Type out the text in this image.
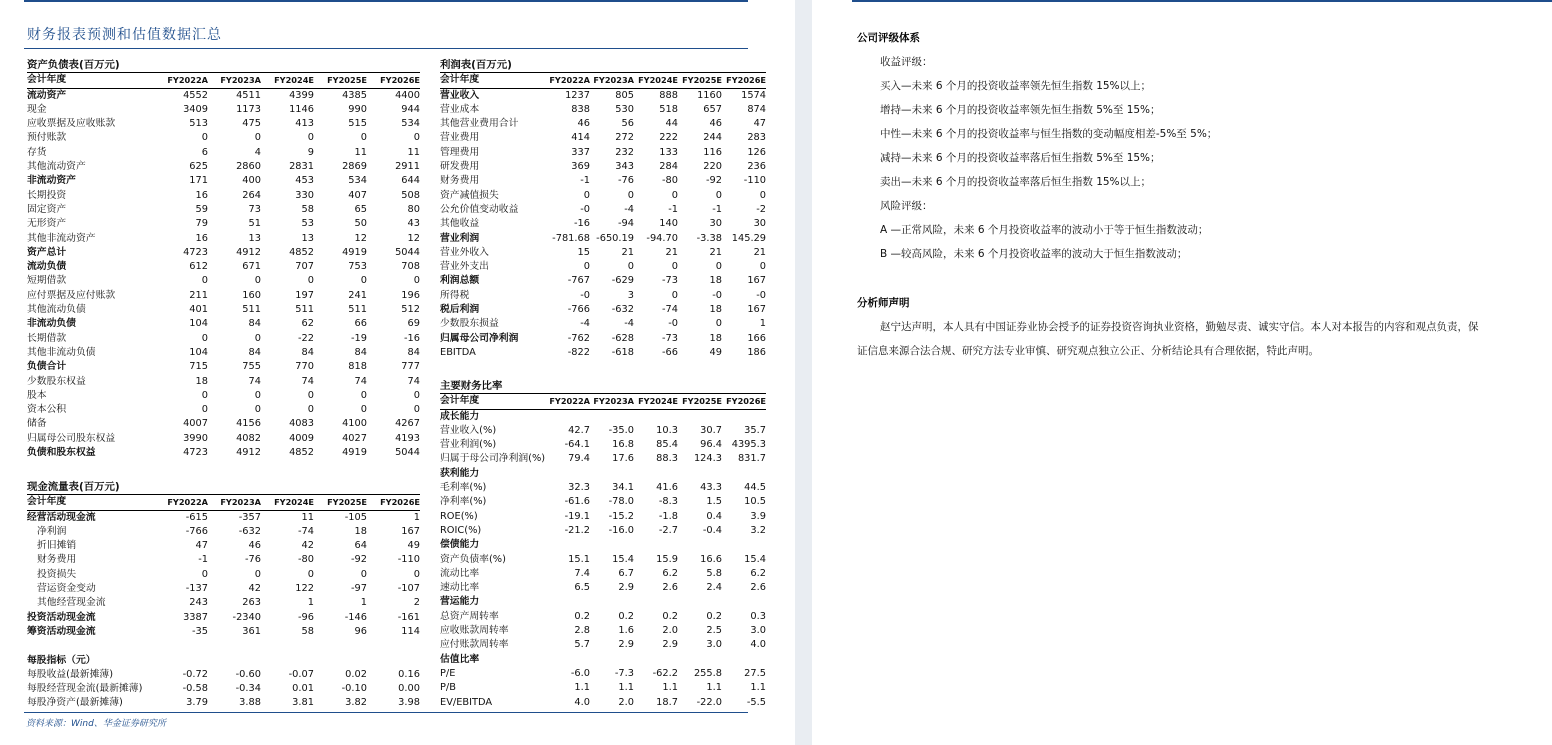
财务报表预测和估值数据汇总
资产负债表(百万元)					
会计年度	FY2022A	FY2023A	FY2024E	FY2025E	FY2026E
流动资产	4552	4511	4399	4385	4400
现金	3409	1173	1146	990	944
应收票据及应收账款	513	475	413	515	534
预付账款	0	0	0	0	0
存货	6	4	9	11	11
其他流动资产	625	2860	2831	2869	2911
非流动资产	171	400	453	534	644
长期投资	16	264	330	407	508
固定资产	59	73	58	65	80
无形资产	79	51	53	50	43
其他非流动资产	16	13	13	12	12
资产总计	4723	4912	4852	4919	5044
流动负债	612	671	707	753	708
短期借款	0	0	0	0	0
应付票据及应付账款	211	160	197	241	196
其他流动负债	401	511	511	511	512
非流动负债	104	84	62	66	69
长期借款	0	0	-22	-19	-16
其他非流动负债	104	84	84	84	84
负债合计	715	755	770	818	777
少数股东权益	18	74	74	74	74
股本	0	0	0	0	0
资本公积	0	0	0	0	0
储备	4007	4156	4083	4100	4267
归属母公司股东权益	3990	4082	4009	4027	4193
负债和股东权益	4723	4912	4852	4919	5044
利润表(百万元)					
会计年度	FY2022A	FY2023A	FY2024E	FY2025E	FY2026E
营业收入	1237	805	888	1160	1574
营业成本	838	530	518	657	874
其他营业费用合计	46	56	44	46	47
营业费用	414	272	222	244	283
管理费用	337	232	133	116	126
研发费用	369	343	284	220	236
财务费用	-1	-76	-80	-92	-110
资产减值损失	0	0	0	0	0
公允价值变动收益	-0	-4	-1	-1	-2
其他收益	-16	-94	140	30	30
营业利润	-781.68	-650.19	-94.70	-3.38	145.29
营业外收入	15	21	21	21	21
营业外支出	0	0	0	0	0
利润总额	-767	-629	-73	18	167
所得税	-0	3	0	-0	-0
税后利润	-766	-632	-74	18	167
少数股东损益	-4	-4	-0	0	1
归属母公司净利润	-762	-628	-73	18	166
EBITDA	-822	-618	-66	49	186
现金流量表(百万元)					
会计年度	FY2022A	FY2023A	FY2024E	FY2025E	FY2026E
经营活动现金流	-615	-357	11	-105	1
净利润	-766	-632	-74	18	167
折旧摊销	47	46	42	64	49
财务费用	-1	-76	-80	-92	-110
投资损失	0	0	0	0	0
营运资金变动	-137	42	122	-97	-107
其他经营现金流	243	263	1	1	2
投资活动现金流	3387	-2340	-96	-146	-161
筹资活动现金流	-35	361	58	96	114

每股指标（元）					
每股收益(最新摊薄)	-0.72	-0.60	-0.07	0.02	0.16
每股经营现金流(最新摊薄)	-0.58	-0.34	0.01	-0.10	0.00
每股净资产(最新摊薄)	3.79	3.88	3.81	3.82	3.98
主要财务比率					
会计年度	FY2022A	FY2023A	FY2024E	FY2025E	FY2026E
成长能力					
营业收入(%)	42.7	-35.0	10.3	30.7	35.7
营业利润(%)	-64.1	16.8	85.4	96.4	4395.3
归属于母公司净利润(%)	79.4	17.6	88.3	124.3	831.7
获利能力					
毛利率(%)	32.3	34.1	41.6	43.3	44.5
净利率(%)	-61.6	-78.0	-8.3	1.5	10.5
ROE(%)	-19.1	-15.2	-1.8	0.4	3.9
ROIC(%)	-21.2	-16.0	-2.7	-0.4	3.2
偿债能力					
资产负债率(%)	15.1	15.4	15.9	16.6	15.4
流动比率	7.4	6.7	6.2	5.8	6.2
速动比率	6.5	2.9	2.6	2.4	2.6
营运能力					
总资产周转率	0.2	0.2	0.2	0.2	0.3
应收账款周转率	2.8	1.6	2.0	2.5	3.0
应付账款周转率	5.7	2.9	2.9	3.0	4.0
估值比率					
P/E	-6.0	-7.3	-62.2	255.8	27.5
P/B	1.1	1.1	1.1	1.1	1.1
EV/EBITDA	4.0	2.0	18.7	-22.0	-5.5
资料来源：Wind、华金证券研究所
公司评级体系
收益评级：
买入—未来 6 个月的投资收益率领先恒生指数 15%以上；
增持—未来 6 个月的投资收益率领先恒生指数 5%至 15%；
中性—未来 6 个月的投资收益率与恒生指数的变动幅度相差-5%至 5%；
减持—未来 6 个月的投资收益率落后恒生指数 5%至 15%；
卖出—未来 6 个月的投资收益率落后恒生指数 15%以上；
风险评级：
A —正常风险，未来 6 个月投资收益率的波动小于等于恒生指数波动；
B —较高风险，未来 6 个月投资收益率的波动大于恒生指数波动；
分析师声明
赵宁达声明，本人具有中国证券业协会授予的证券投资咨询执业资格，勤勉尽责、诚实守信。本人对本报告的内容和观点负责，保
证信息来源合法合规、研究方法专业审慎、研究观点独立公正、分析结论具有合理依据，特此声明。
